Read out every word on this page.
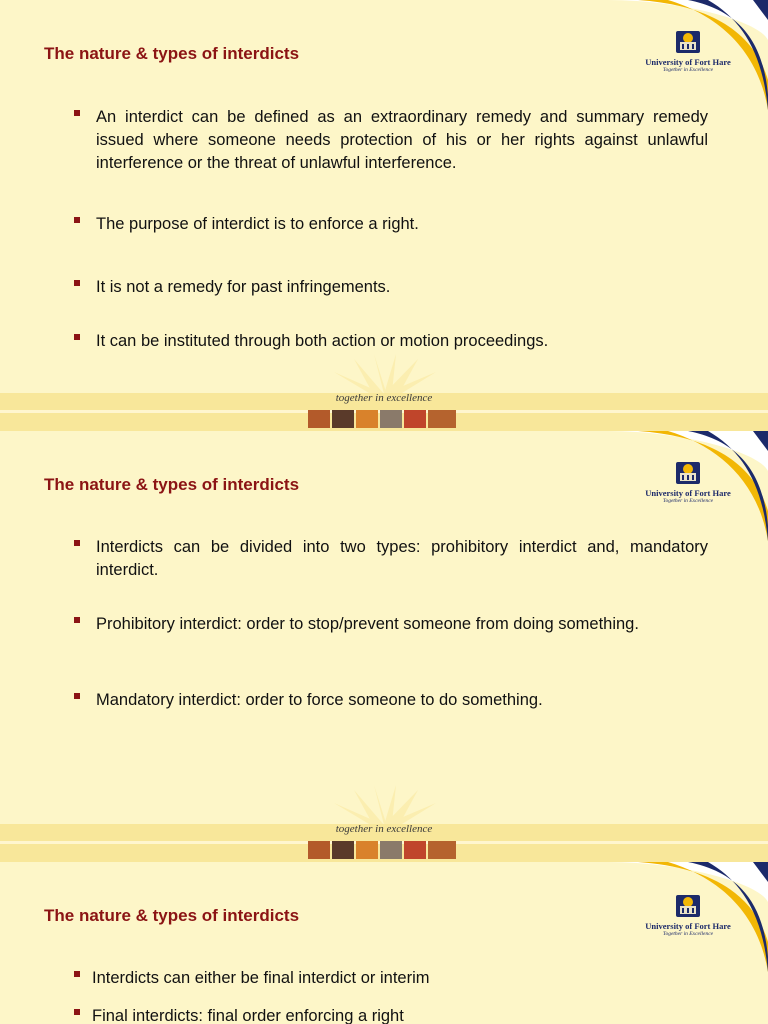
University of Fort Hare
Together in Excellence
The nature & types of interdicts
An interdict can be defined as an extraordinary remedy and summary remedy issued where someone needs protection of his or her rights against unlawful interference or the threat of unlawful interference.
The purpose of interdict is to enforce a right.
It is not a remedy for past infringements.
It can be instituted through both action or motion proceedings.
together in excellence
University of Fort Hare
Together in Excellence
The nature & types of interdicts
Interdicts can be divided into two types: prohibitory interdict and, mandatory interdict.
Prohibitory interdict: order to stop/prevent someone from doing something.
Mandatory interdict: order to force someone to do something.
together in excellence
University of Fort Hare
Together in Excellence
The nature & types of interdicts
Interdicts can either be final interdict or interim
Final interdicts: final order enforcing a right
